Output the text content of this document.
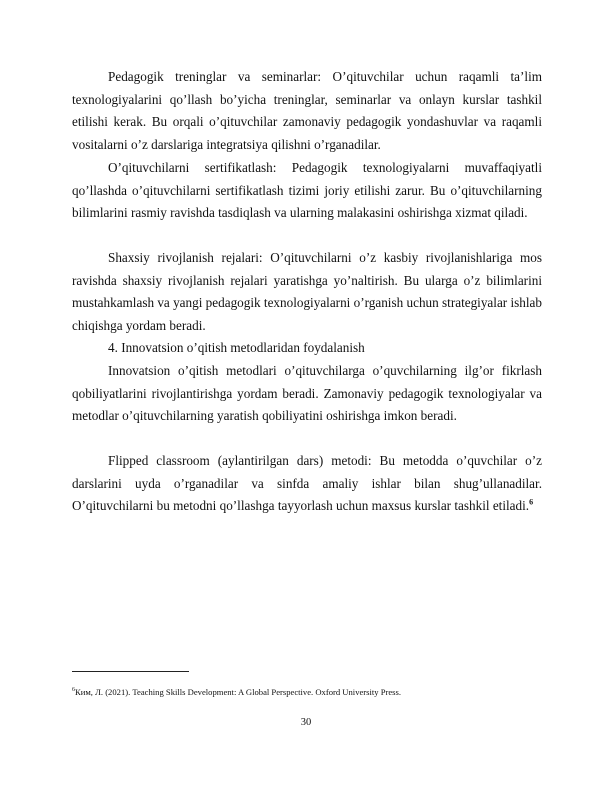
Pedagogik treninglar va seminarlar: O’qituvchilar uchun raqamli ta’lim texnologiyalarini qo’llash bo’yicha treninglar, seminarlar va onlayn kurslar tashkil etilishi kerak. Bu orqali o’qituvchilar zamonaviy pedagogik yondashuvlar va raqamli vositalarni o’z darslariga integratsiya qilishni o’rganadilar.

O’qituvchilarni sertifikatlash: Pedagogik texnologiyalarni muvaffaqiyatli qo’llashda o’qituvchilarni sertifikatlash tizimi joriy etilishi zarur. Bu o’qituvchilarning bilimlarini rasmiy ravishda tasdiqlash va ularning malakasini oshirishga xizmat qiladi.

Shaxsiy rivojlanish rejalari: O’qituvchilarni o’z kasbiy rivojlanishlariga mos ravishda shaxsiy rivojlanish rejalari yaratishga yo’naltirish. Bu ularga o’z bilimlarini mustahkamlash va yangi pedagogik texnologiyalarni o’rganish uchun strategiyalar ishlab chiqishga yordam beradi.

4. Innovatsion o’qitish metodlaridan foydalanish

Innovatsion o’qitish metodlari o’qituvchilarga o’quvchilarning ilg’or fikrlash qobiliyatlarini rivojlantirishga yordam beradi. Zamonaviy pedagogik texnologiyalar va metodlar o’qituvchilarning yaratish qobiliyatini oshirishga imkon beradi.

Flipped classroom (aylantirilgan dars) metodi: Bu metodda o’quvchilar o’z darslarini uyda o’rganadilar va sinfda amaliy ishlar bilan shug’ullanadilar. O’qituvchilarni bu metodni qo’llashga tayyorlash uchun maxsus kurslar tashkil etiladi.$^6$

$^6$Ким, Л. (2021). Teaching Skills Development: A Global Perspective. Oxford University Press.

30
